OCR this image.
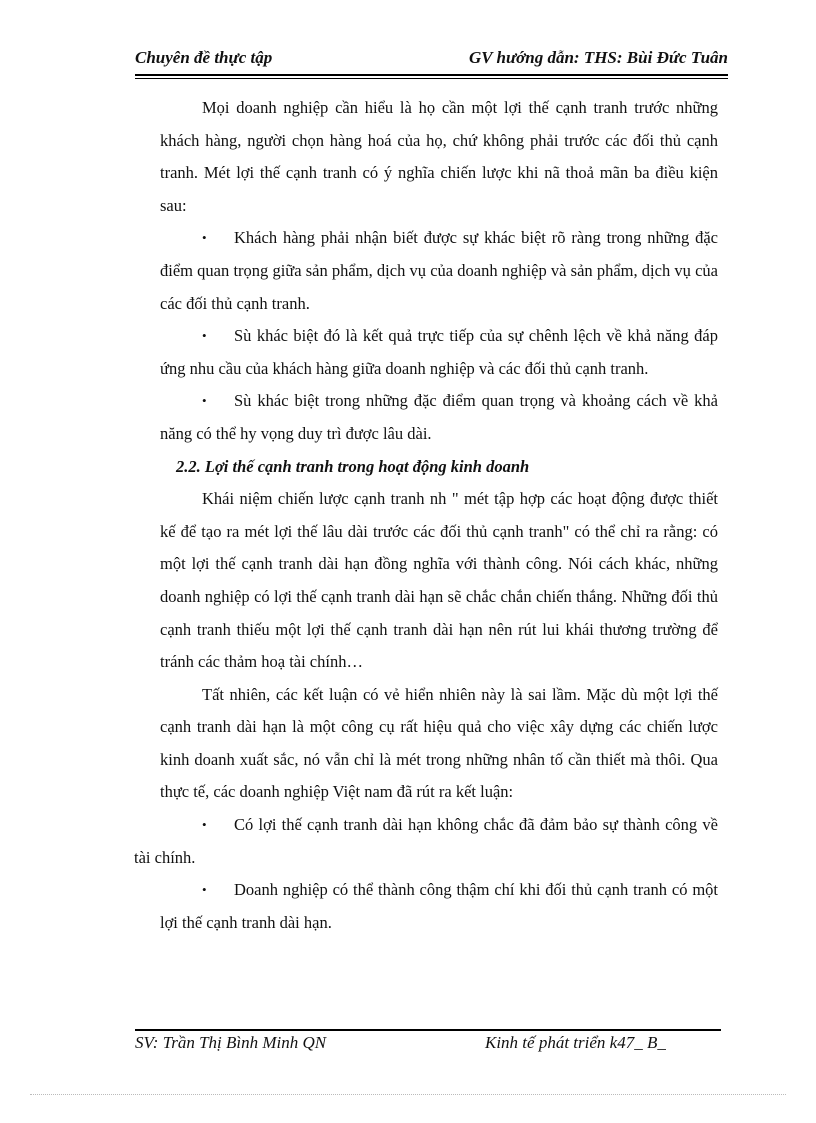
Chuyên đề thực tập	GV hướng dẫn: THS: Bùi Đức Tuân

Mọi doanh nghiệp cần hiểu là họ cần một lợi thế cạnh tranh trước những khách hàng, người chọn hàng hoá của họ, chứ không phải trước các đối thủ cạnh tranh. Mét lợi thế cạnh tranh có ý nghĩa chiến lược khi nã thoả mãn ba điều kiện sau:

• Khách hàng phải nhận biết được sự khác biệt rõ ràng trong những đặc điểm quan trọng giữa sản phẩm, dịch vụ của doanh nghiệp và sản phẩm, dịch vụ của các đối thủ cạnh tranh.

• Sù khác biệt đó là kết quả trực tiếp của sự chênh lệch về khả năng đáp ứng nhu cầu của khách hàng giữa doanh nghiệp và các đối thủ cạnh tranh.

• Sù khác biệt trong những đặc điểm quan trọng và khoảng cách về khả năng có thể hy vọng duy trì được lâu dài.

2.2. Lợi thế cạnh tranh trong hoạt động kinh doanh

Khái niệm chiến lược cạnh tranh nh " mét tập hợp các hoạt động được thiết kế để tạo ra mét lợi thế lâu dài trước các đối thủ cạnh tranh" có thể chỉ ra rằng: có một lợi thế cạnh tranh dài hạn đồng nghĩa với thành công. Nói cách khác, những doanh nghiệp có lợi thế cạnh tranh dài hạn sẽ chắc chắn chiến thắng. Những đối thủ cạnh tranh thiếu một lợi thế cạnh tranh dài hạn nên rút lui khái thương trường để tránh các thảm hoạ tài chính…

Tất nhiên, các kết luận có vẻ hiển nhiên này là sai lầm. Mặc dù một lợi thế cạnh tranh dài hạn là một công cụ rất hiệu quả cho việc xây dựng các chiến lược kinh doanh xuất sắc, nó vẫn chỉ là mét trong những nhân tố cần thiết mà thôi. Qua thực tế, các doanh nghiệp Việt nam đã rút ra kết luận:

• Có lợi thế cạnh tranh dài hạn không chắc đã đảm bảo sự thành công về tài chính.

• Doanh nghiệp có thể thành công thậm chí khi đối thủ cạnh tranh có một lợi thế cạnh tranh dài hạn.

SV: Trần Thị Bình Minh QN	Kinh tế phát triển k47_ B_
